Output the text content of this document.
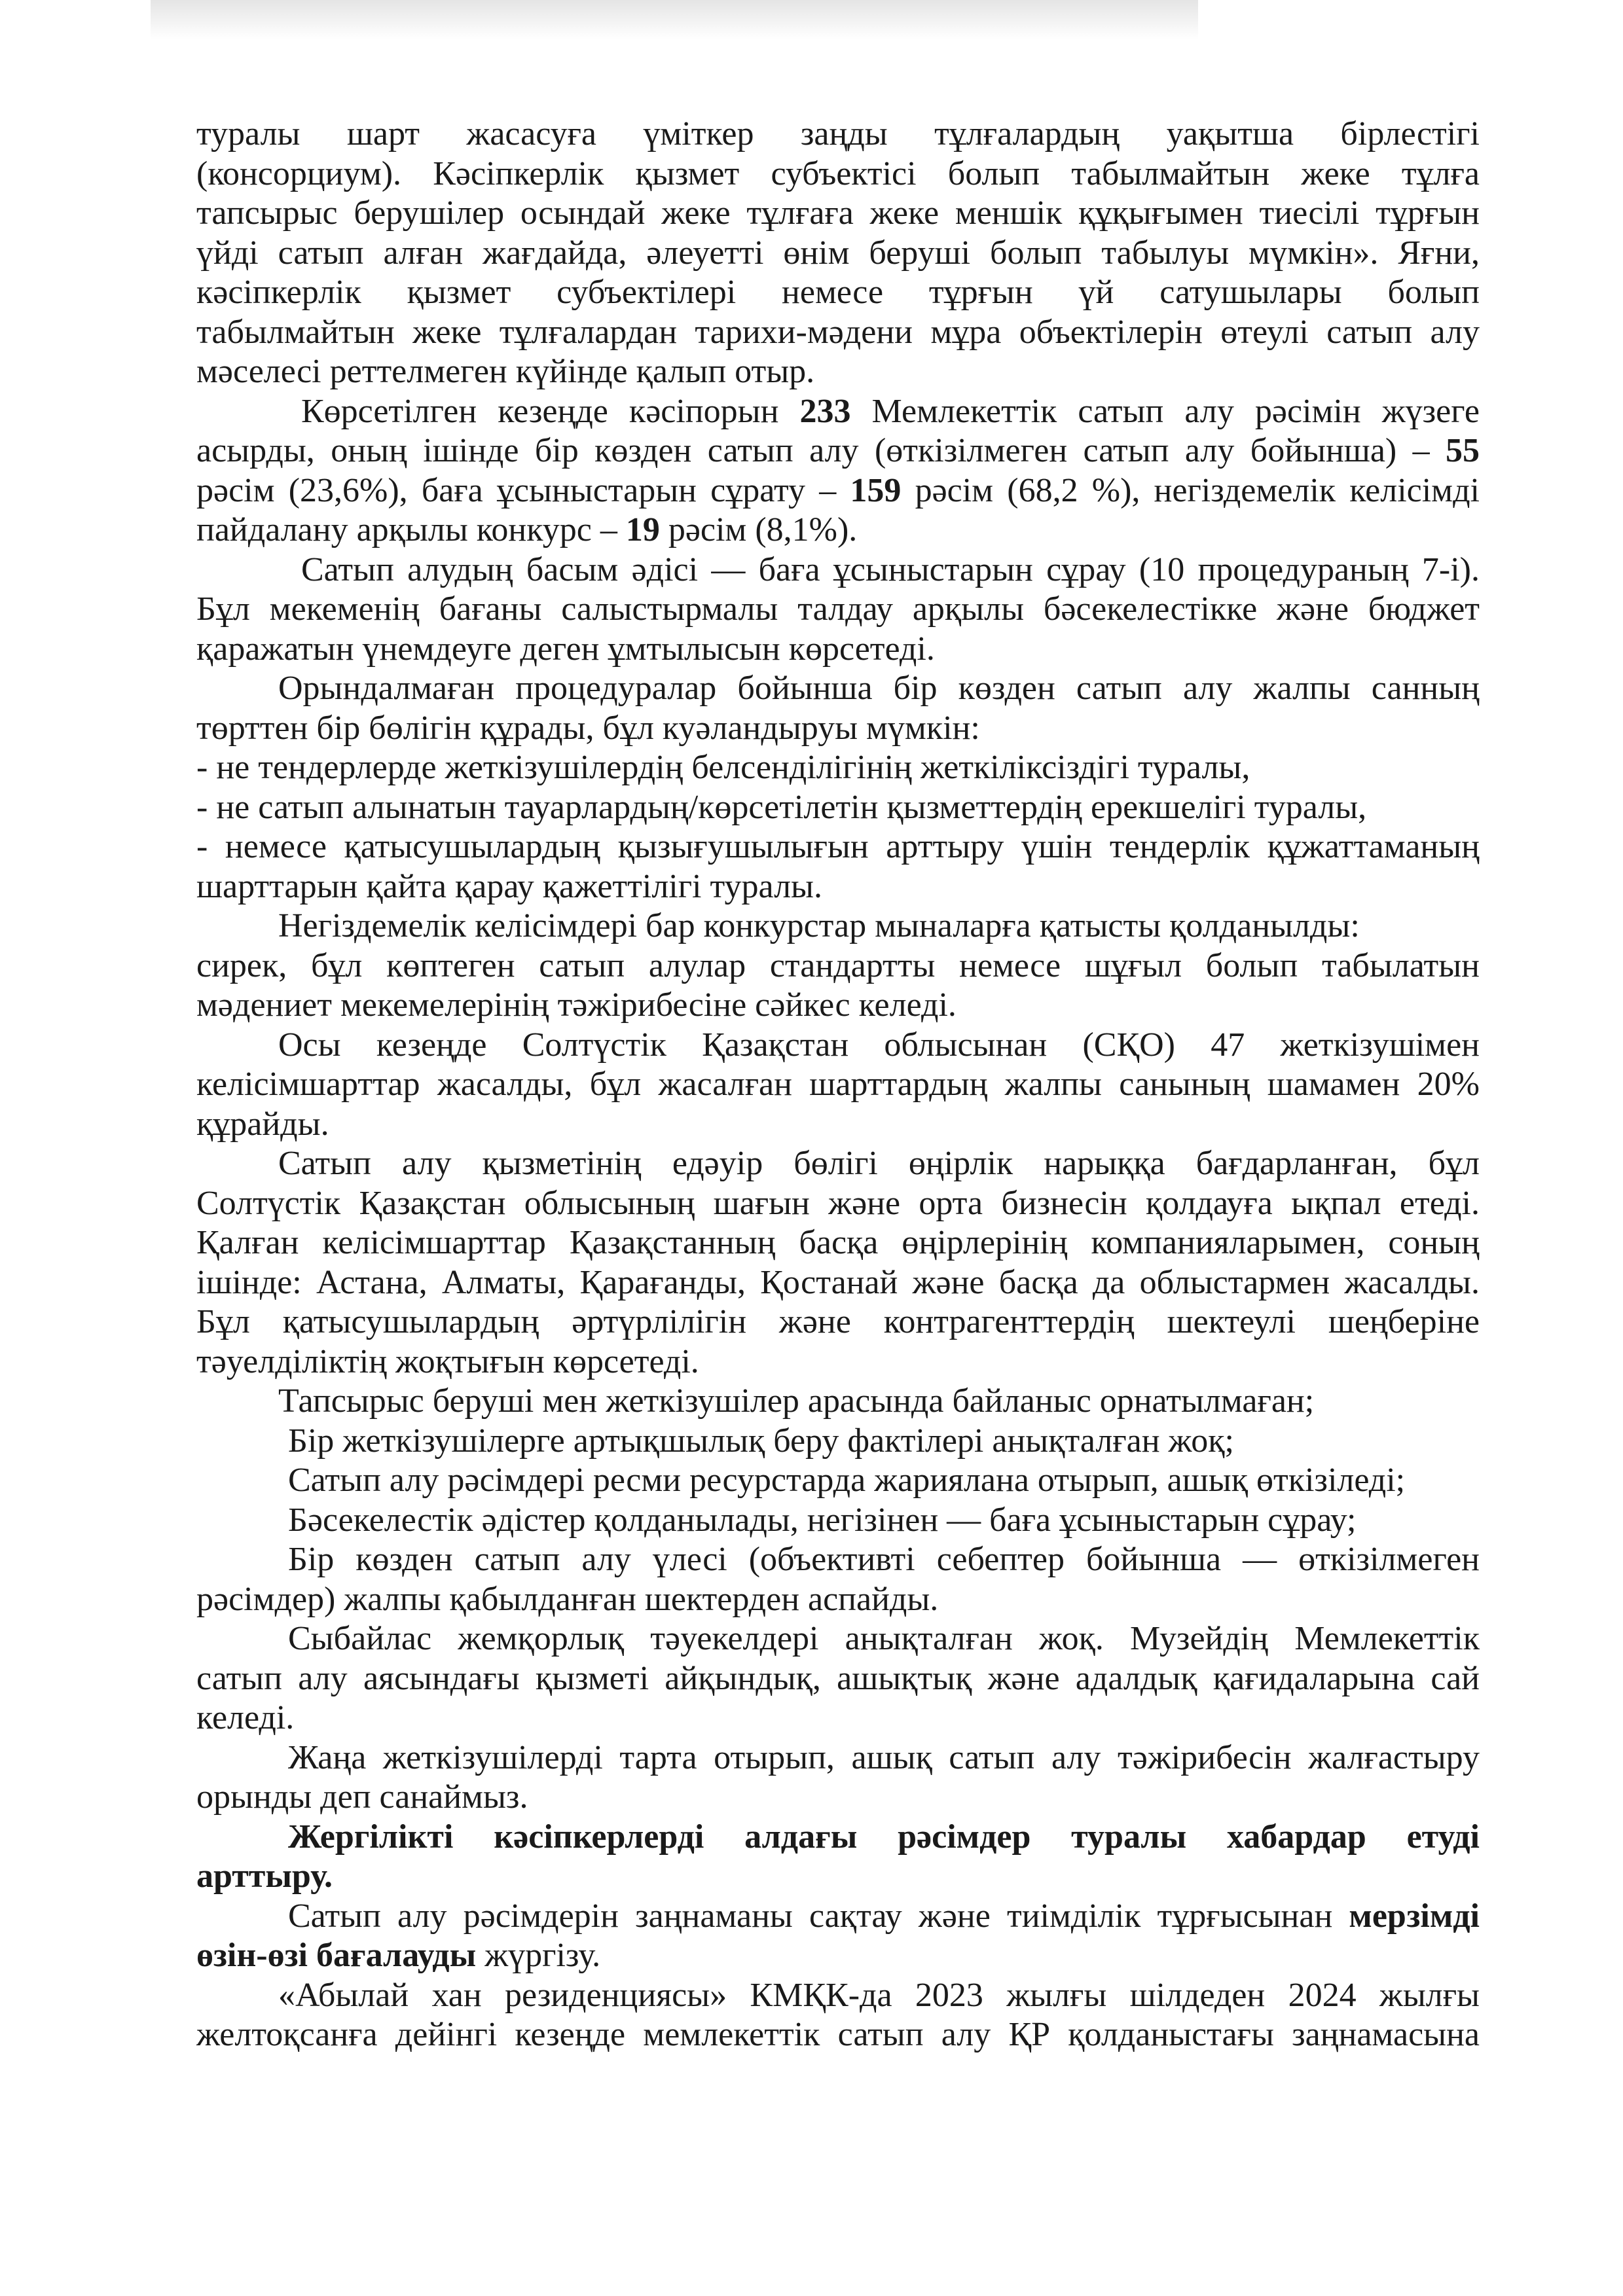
туралы шарт жасасуға үміткер заңды тұлғалардың уақытша бірлестігі

(консорциум). Кәсіпкерлік қызмет субъектісі болып табылмайтын жеке тұлға

тапсырыс берушілер осындай жеке тұлғаға жеке меншік құқығымен тиесілі тұрғын

үйді сатып алған жағдайда, әлеуетті өнім беруші болып табылуы мүмкін». Яғни,

кәсіпкерлік қызмет субъектілері немесе тұрғын үй сатушылары болып

табылмайтын жеке тұлғалардан тарихи-мәдени мұра объектілерін өтеулі сатып алу

мәселесі реттелмеген күйінде қалып отыр.

Көрсетілген кезеңде кәсіпорын 233 Мемлекеттік сатып алу рәсімін жүзеге

асырды, оның ішінде бір көзден сатып алу (өткізілмеген сатып алу бойынша) – 55

рәсім (23,6%), баға ұсыныстарын сұрату – 159 рәсім (68,2 %), негіздемелік келісімді

пайдалану арқылы конкурс – 19 рәсім (8,1%).

Сатып алудың басым әдісі — баға ұсыныстарын сұрау (10 процедураның 7-і).

Бұл мекеменің бағаны салыстырмалы талдау арқылы бәсекелестікке және бюджет

қаражатын үнемдеуге деген ұмтылысын көрсетеді.

Орындалмаған процедуралар бойынша бір көзден сатып алу жалпы санның

төрттен бір бөлігін құрады, бұл куәландыруы мүмкін:

- не тендерлерде жеткізушілердің белсенділігінің жеткіліксіздігі туралы,

- не сатып алынатын тауарлардың/көрсетілетін қызметтердің ерекшелігі туралы,

- немесе қатысушылардың қызығушылығын арттыру үшін тендерлік құжаттаманың

шарттарын қайта қарау қажеттілігі туралы.

Негіздемелік келісімдері бар конкурстар мыналарға қатысты қолданылды:

сирек, бұл көптеген сатып алулар стандартты немесе шұғыл болып табылатын

мәдениет мекемелерінің тәжірибесіне сәйкес келеді.

Осы кезеңде Солтүстік Қазақстан облысынан (СҚО) 47 жеткізушімен

келісімшарттар жасалды, бұл жасалған шарттардың жалпы санының шамамен 20%

құрайды.

Сатып алу қызметінің едәуір бөлігі өңірлік нарыққа бағдарланған, бұл

Солтүстік Қазақстан облысының шағын және орта бизнесін қолдауға ықпал етеді.

Қалған келісімшарттар Қазақстанның басқа өңірлерінің компанияларымен, соның

ішінде: Астана, Алматы, Қарағанды, Қостанай және басқа да облыстармен жасалды.

Бұл қатысушылардың әртүрлілігін және контрагенттердің шектеулі шеңберіне

тәуелділіктің жоқтығын көрсетеді.

Тапсырыс беруші мен жеткізушілер арасында байланыс орнатылмаған;

Бір жеткізушілерге артықшылық беру фактілері анықталған жоқ;

Сатып алу рәсімдері ресми ресурстарда жариялана отырып, ашық өткізіледі;

Бәсекелестік әдістер қолданылады, негізінен — баға ұсыныстарын сұрау;

Бір көзден сатып алу үлесі (объективті себептер бойынша — өткізілмеген

рәсімдер) жалпы қабылданған шектерден аспайды.

Сыбайлас жемқорлық тәуекелдері анықталған жоқ. Музейдің Мемлекеттік

сатып алу аясындағы қызметі айқындық, ашықтық және адалдық қағидаларына сай

келеді.

Жаңа жеткізушілерді тарта отырып, ашық сатып алу тәжірибесін жалғастыру

орынды деп санаймыз.

Жергілікті кәсіпкерлерді алдағы рәсімдер туралы хабардар етуді

арттыру.

Сатып алу рәсімдерін заңнаманы сақтау және тиімділік тұрғысынан мерзімді

өзін-өзі бағалауды жүргізу.

«Абылай хан резиденциясы» КМҚК-да 2023 жылғы шілдеден 2024 жылғы

желтоқсанға дейінгі кезеңде мемлекеттік сатып алу ҚР қолданыстағы заңнамасына
